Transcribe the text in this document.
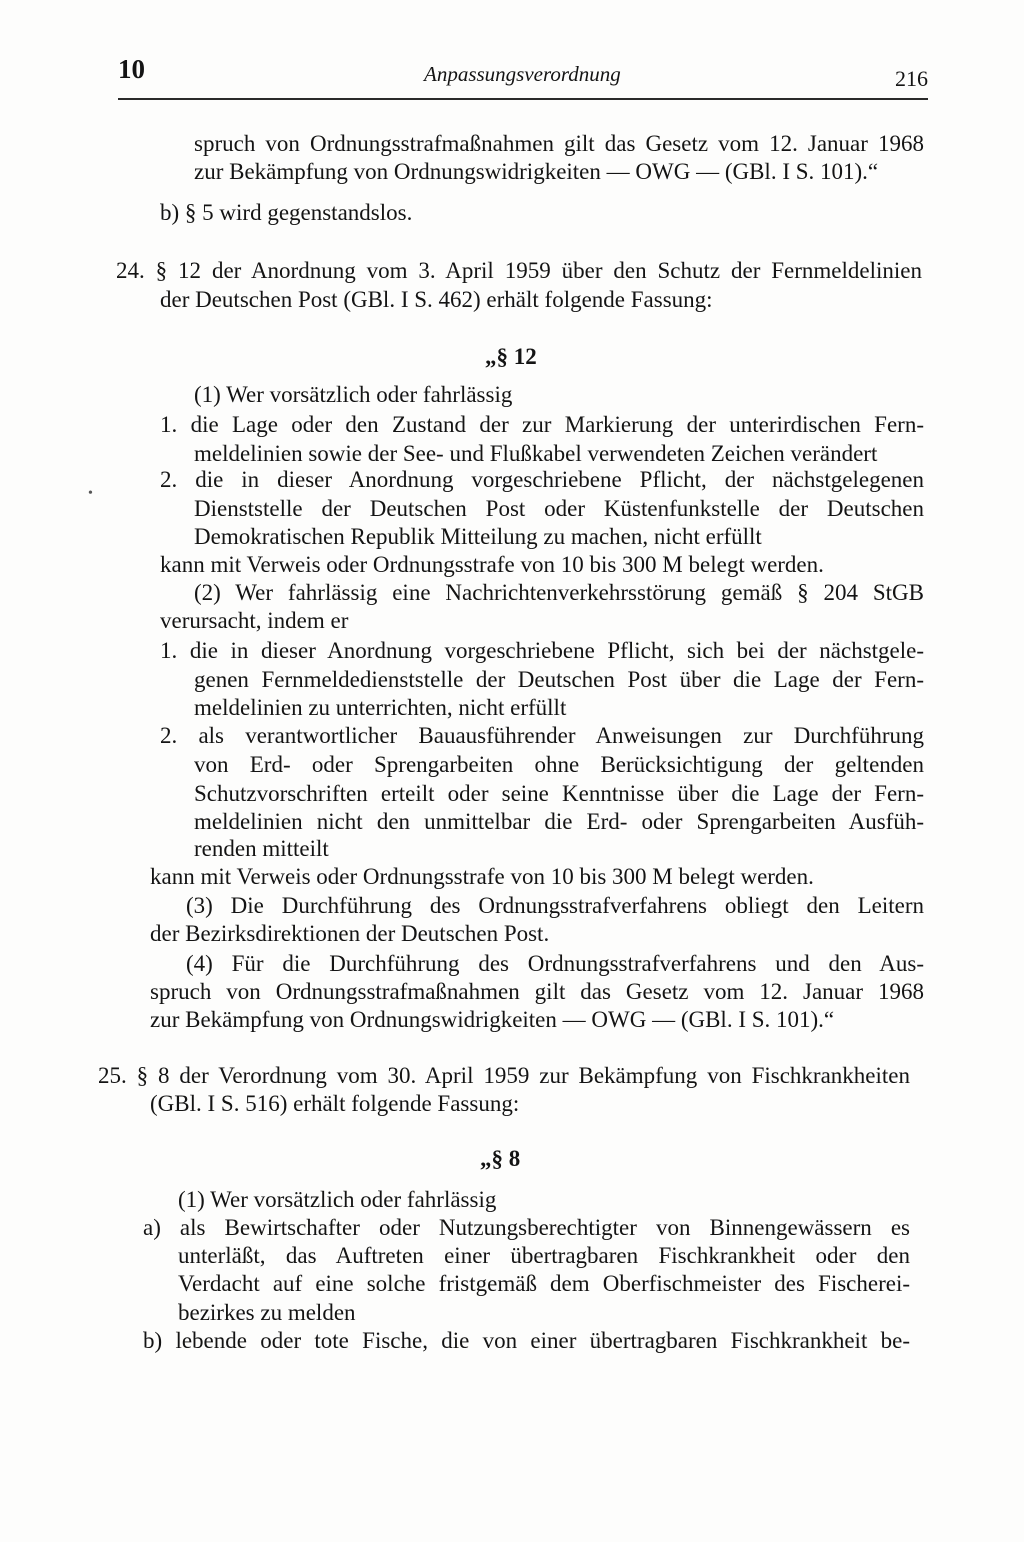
10	Anpassungsverordnung	216
spruch von Ordnungsstrafmaßnahmen gilt das Gesetz vom 12. Januar 1968
zur Bekämpfung von Ordnungswidrigkeiten — OWG — (GBl. I S. 101).“
b) § 5 wird gegenstandslos.
24. § 12 der Anordnung vom 3. April 1959 über den Schutz der Fernmeldelinien
der Deutschen Post (GBl. I S. 462) erhält folgende Fassung:
„§ 12
(1) Wer vorsätzlich oder fahrlässig
1. die Lage oder den Zustand der zur Markierung der unterirdischen Fern-
meldelinien sowie der See- und Flußkabel verwendeten Zeichen verändert
2. die in dieser Anordnung vorgeschriebene Pflicht, der nächstgelegenen
Dienststelle der Deutschen Post oder Küstenfunkstelle der Deutschen
Demokratischen Republik Mitteilung zu machen, nicht erfüllt
kann mit Verweis oder Ordnungsstrafe von 10 bis 300 M belegt werden.
(2) Wer fahrlässig eine Nachrichtenverkehrsstörung gemäß § 204 StGB
verursacht, indem er
1. die in dieser Anordnung vorgeschriebene Pflicht, sich bei der nächstgele-
genen Fernmeldedienststelle der Deutschen Post über die Lage der Fern-
meldelinien zu unterrichten, nicht erfüllt
2. als verantwortlicher Bauausführender Anweisungen zur Durchführung
von Erd- oder Sprengarbeiten ohne Berücksichtigung der geltenden
Schutzvorschriften erteilt oder seine Kenntnisse über die Lage der Fern-
meldelinien nicht den unmittelbar die Erd- oder Sprengarbeiten Ausfüh-
renden mitteilt
kann mit Verweis oder Ordnungsstrafe von 10 bis 300 M belegt werden.
(3) Die Durchführung des Ordnungsstrafverfahrens obliegt den Leitern
der Bezirksdirektionen der Deutschen Post.
(4) Für die Durchführung des Ordnungsstrafverfahrens und den Aus-
spruch von Ordnungsstrafmaßnahmen gilt das Gesetz vom 12. Januar 1968
zur Bekämpfung von Ordnungswidrigkeiten — OWG — (GBl. I S. 101).“
25. § 8 der Verordnung vom 30. April 1959 zur Bekämpfung von Fischkrankheiten
(GBl. I S. 516) erhält folgende Fassung:
„§ 8
(1) Wer vorsätzlich oder fahrlässig
a) als Bewirtschafter oder Nutzungsberechtigter von Binnengewässern es
unterläßt, das Auftreten einer übertragbaren Fischkrankheit oder den
Verdacht auf eine solche fristgemäß dem Oberfischmeister des Fischerei-
bezirkes zu melden
b) lebende oder tote Fische, die von einer übertragbaren Fischkrankheit be-
•
